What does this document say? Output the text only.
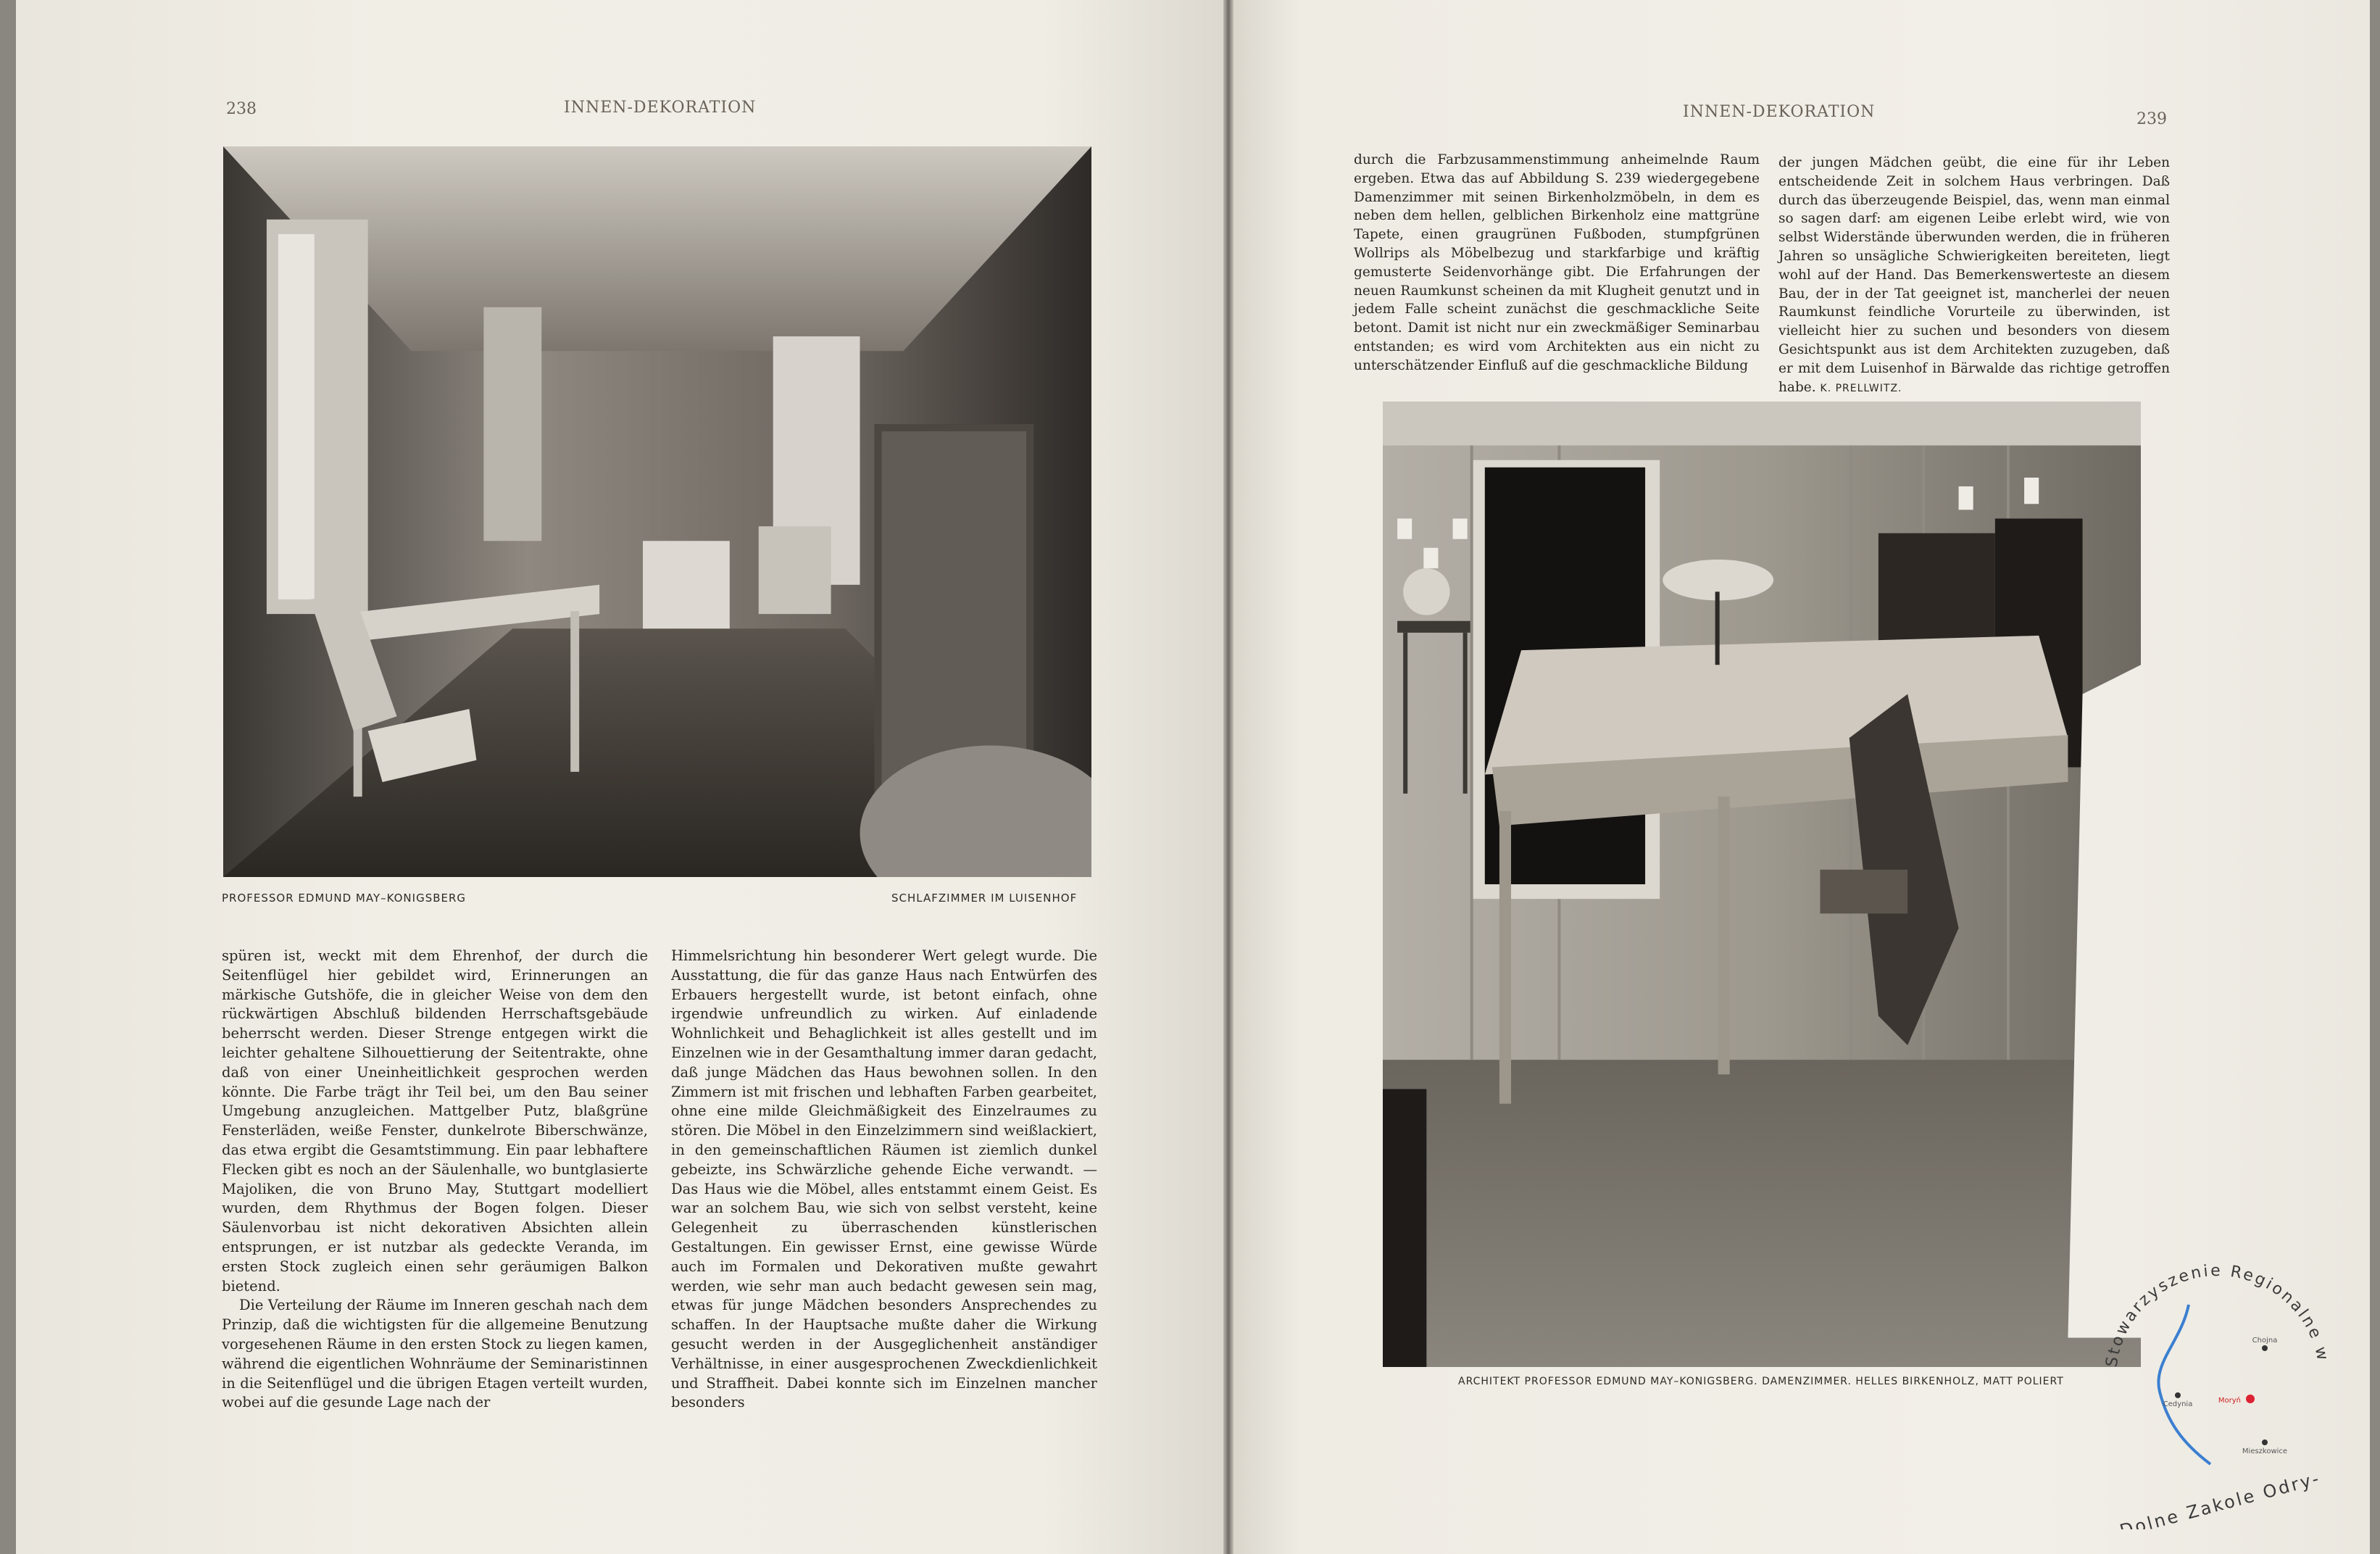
238	INNEN-DEKORATION
PROFESSOR EDMUND MAY–KONIGSBERG	SCHLAFZIMMER IM LUISENHOF

spüren ist, weckt mit dem Ehrenhof, der durch die Seitenflügel hier gebildet wird, Erinnerungen an märkische Gutshöfe, die in gleicher Weise von dem den rückwärtigen Abschluß bildenden Herrschaftsgebäude beherrscht werden. Dieser Strenge entgegen wirkt die leichter gehaltene Silhouettierung der Seitentrakte, ohne daß von einer Uneinheitlichkeit gesprochen werden könnte. Die Farbe trägt ihr Teil bei, um den Bau seiner Umgebung anzugleichen. Mattgelber Putz, blaßgrüne Fensterläden, weiße Fenster, dunkelrote Biberschwänze, das etwa ergibt die Gesamtstimmung. Ein paar lebhaftere Flecken gibt es noch an der Säulenhalle, wo buntglasierte Majoliken, die von Bruno May, Stuttgart modelliert wurden, dem Rhythmus der Bogen folgen. Dieser Säulenvorbau ist nicht dekorativen Absichten allein entsprungen, er ist nutzbar als gedeckte Veranda, im ersten Stock zugleich einen sehr geräumigen Balkon bietend.

Die Verteilung der Räume im Inneren geschah nach dem Prinzip, daß die wichtigsten für die allgemeine Benutzung vorgesehenen Räume in den ersten Stock zu liegen kamen, während die eigentlichen Wohnräume der Seminaristinnen in die Seitenflügel und die übrigen Etagen verteilt wurden, wobei auf die gesunde Lage nach der

Himmelsrichtung hin besonderer Wert gelegt wurde. Die Ausstattung, die für das ganze Haus nach Entwürfen des Erbauers hergestellt wurde, ist betont einfach, ohne irgendwie unfreundlich zu wirken. Auf einladende Wohnlichkeit und Behaglichkeit ist alles gestellt und im Einzelnen wie in der Gesamthaltung immer daran gedacht, daß junge Mädchen das Haus bewohnen sollen. In den Zimmern ist mit frischen und lebhaften Farben gearbeitet, ohne eine milde Gleichmäßigkeit des Einzelraumes zu stören. Die Möbel in den Einzelzimmern sind weißlackiert, in den gemeinschaftlichen Räumen ist ziemlich dunkel gebeizte, ins Schwärzliche gehende Eiche verwandt. — Das Haus wie die Möbel, alles entstammt einem Geist. Es war an solchem Bau, wie sich von selbst versteht, keine Gelegenheit zu überraschenden künstlerischen Gestaltungen. Ein gewisser Ernst, eine gewisse Würde auch im Formalen und Dekorativen mußte gewahrt werden, wie sehr man auch bedacht gewesen sein mag, etwas für junge Mädchen besonders Ansprechendes zu schaffen. In der Hauptsache mußte daher die Wirkung gesucht werden in der Ausgeglichenheit anständiger Verhältnisse, in einer ausgesprochenen Zweckdienlichkeit und Straffheit. Dabei konnte sich im Einzelnen mancher besonders

INNEN-DEKORATION	239

durch die Farbzusammenstimmung anheimelnde Raum ergeben. Etwa das auf Abbildung S. 239 wiedergegebene Damenzimmer mit seinen Birkenholzmöbeln, in dem es neben dem hellen, gelblichen Birkenholz eine mattgrüne Tapete, einen graugrünen Fußboden, stumpfgrünen Wollrips als Möbelbezug und starkfarbige und kräftig gemusterte Seidenvorhänge gibt. Die Erfahrungen der neuen Raumkunst scheinen da mit Klugheit genutzt und in jedem Falle scheint zunächst die geschmackliche Seite betont. Damit ist nicht nur ein zweckmäßiger Seminarbau entstanden; es wird vom Architekten aus ein nicht zu unterschätzender Einfluß auf die geschmackliche Bildung

der jungen Mädchen geübt, die eine für ihr Leben entscheidende Zeit in solchem Haus verbringen. Daß durch das überzeugende Beispiel, das, wenn man einmal so sagen darf: am eigenen Leibe erlebt wird, wie von selbst Widerstände überwunden werden, die in früheren Jahren so unsägliche Schwierigkeiten bereiteten, liegt wohl auf der Hand. Das Bemerkenswerteste an diesem Bau, der in der Tat geeignet ist, mancherlei der neuen Raumkunst feindliche Vorurteile zu überwinden, ist vielleicht hier zu suchen und besonders von diesem Gesichtspunkt aus ist dem Architekten zuzugeben, daß er mit dem Luisenhof in Bärwalde das richtige getroffen habe. K. PRELLWITZ.

ARCHITEKT PROFESSOR EDMUND MAY–KONIGSBERG. DAMENZIMMER. HELLES BIRKENHOLZ, MATT POLIERT
Stowarzyszenie Regionalne w
-Dolne Zakole Odry-
Chojna
Cedynia	Moryń
Mieszkowice
